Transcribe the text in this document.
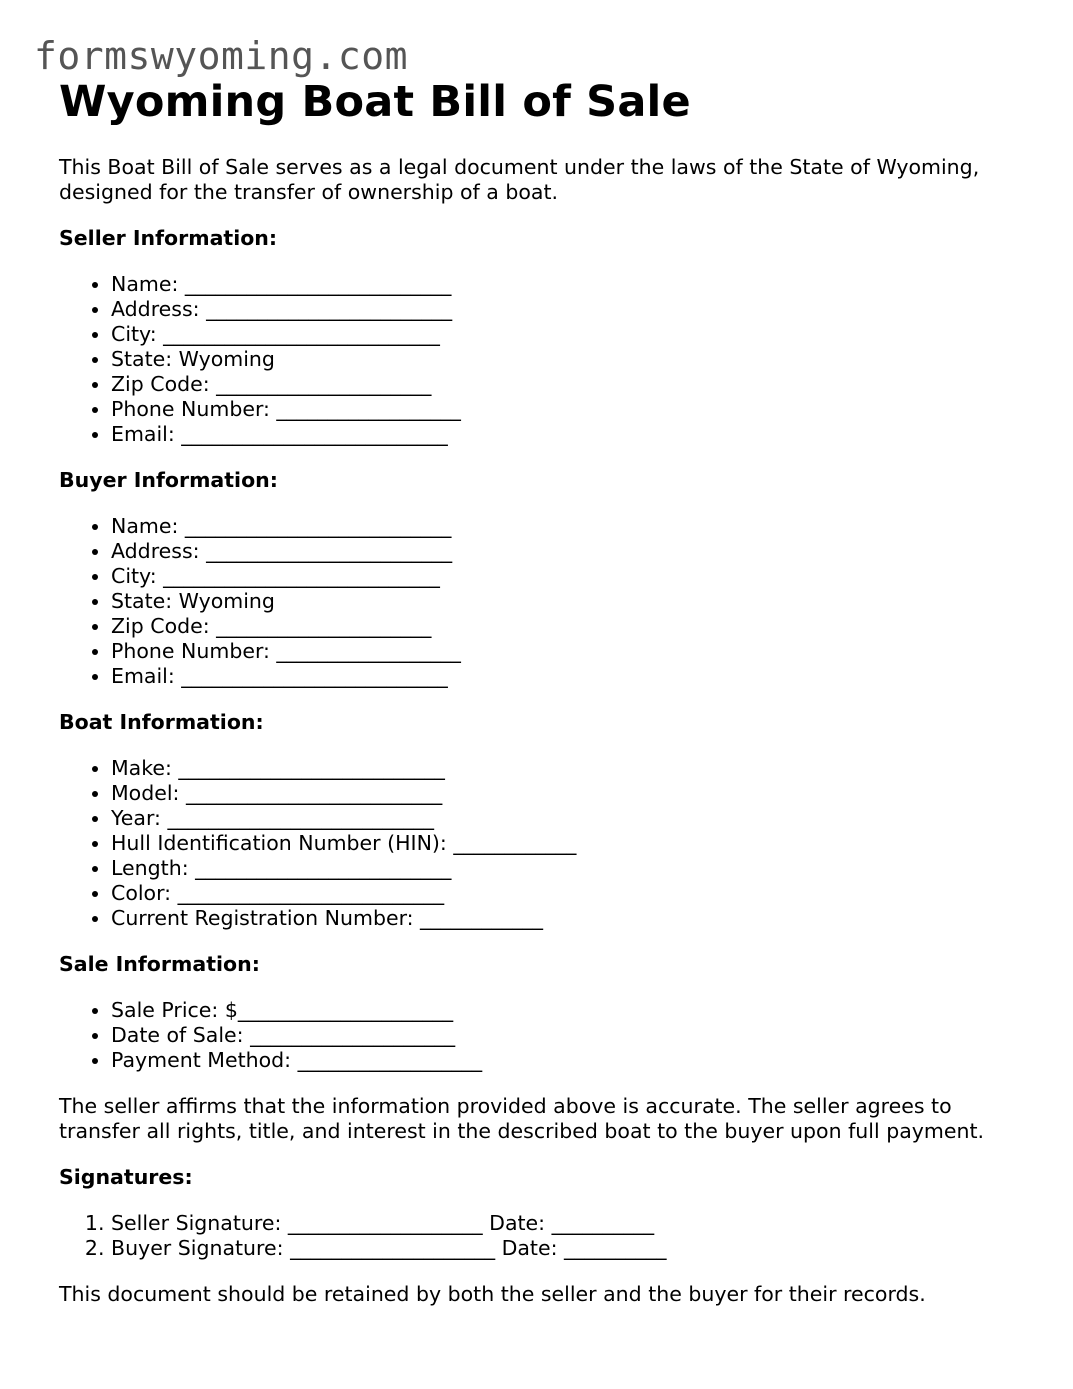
formswyoming.com
Wyoming Boat Bill of Sale

This Boat Bill of Sale serves as a legal document under the laws of the State of Wyoming, designed for the transfer of ownership of a boat.

Seller Information:
• Name: __________________________
• Address: ________________________
• City: ___________________________
• State: Wyoming
• Zip Code: _____________________
• Phone Number: __________________
• Email: __________________________
Buyer Information:
• Name: __________________________
• Address: ________________________
• City: ___________________________
• State: Wyoming
• Zip Code: _____________________
• Phone Number: __________________
• Email: __________________________
Boat Information:
• Make: __________________________
• Model: _________________________
• Year: __________________________
• Hull Identification Number (HIN): ____________
• Length: _________________________
• Color: __________________________
• Current Registration Number: ____________
Sale Information:
• Sale Price: $_____________________
• Date of Sale: ____________________
• Payment Method: __________________

The seller affirms that the information provided above is accurate. The seller agrees to transfer all rights, title, and interest in the described boat to the buyer upon full payment.

Signatures:
1. Seller Signature: ___________________ Date: __________
2. Buyer Signature: ____________________ Date: __________

This document should be retained by both the seller and the buyer for their records.
